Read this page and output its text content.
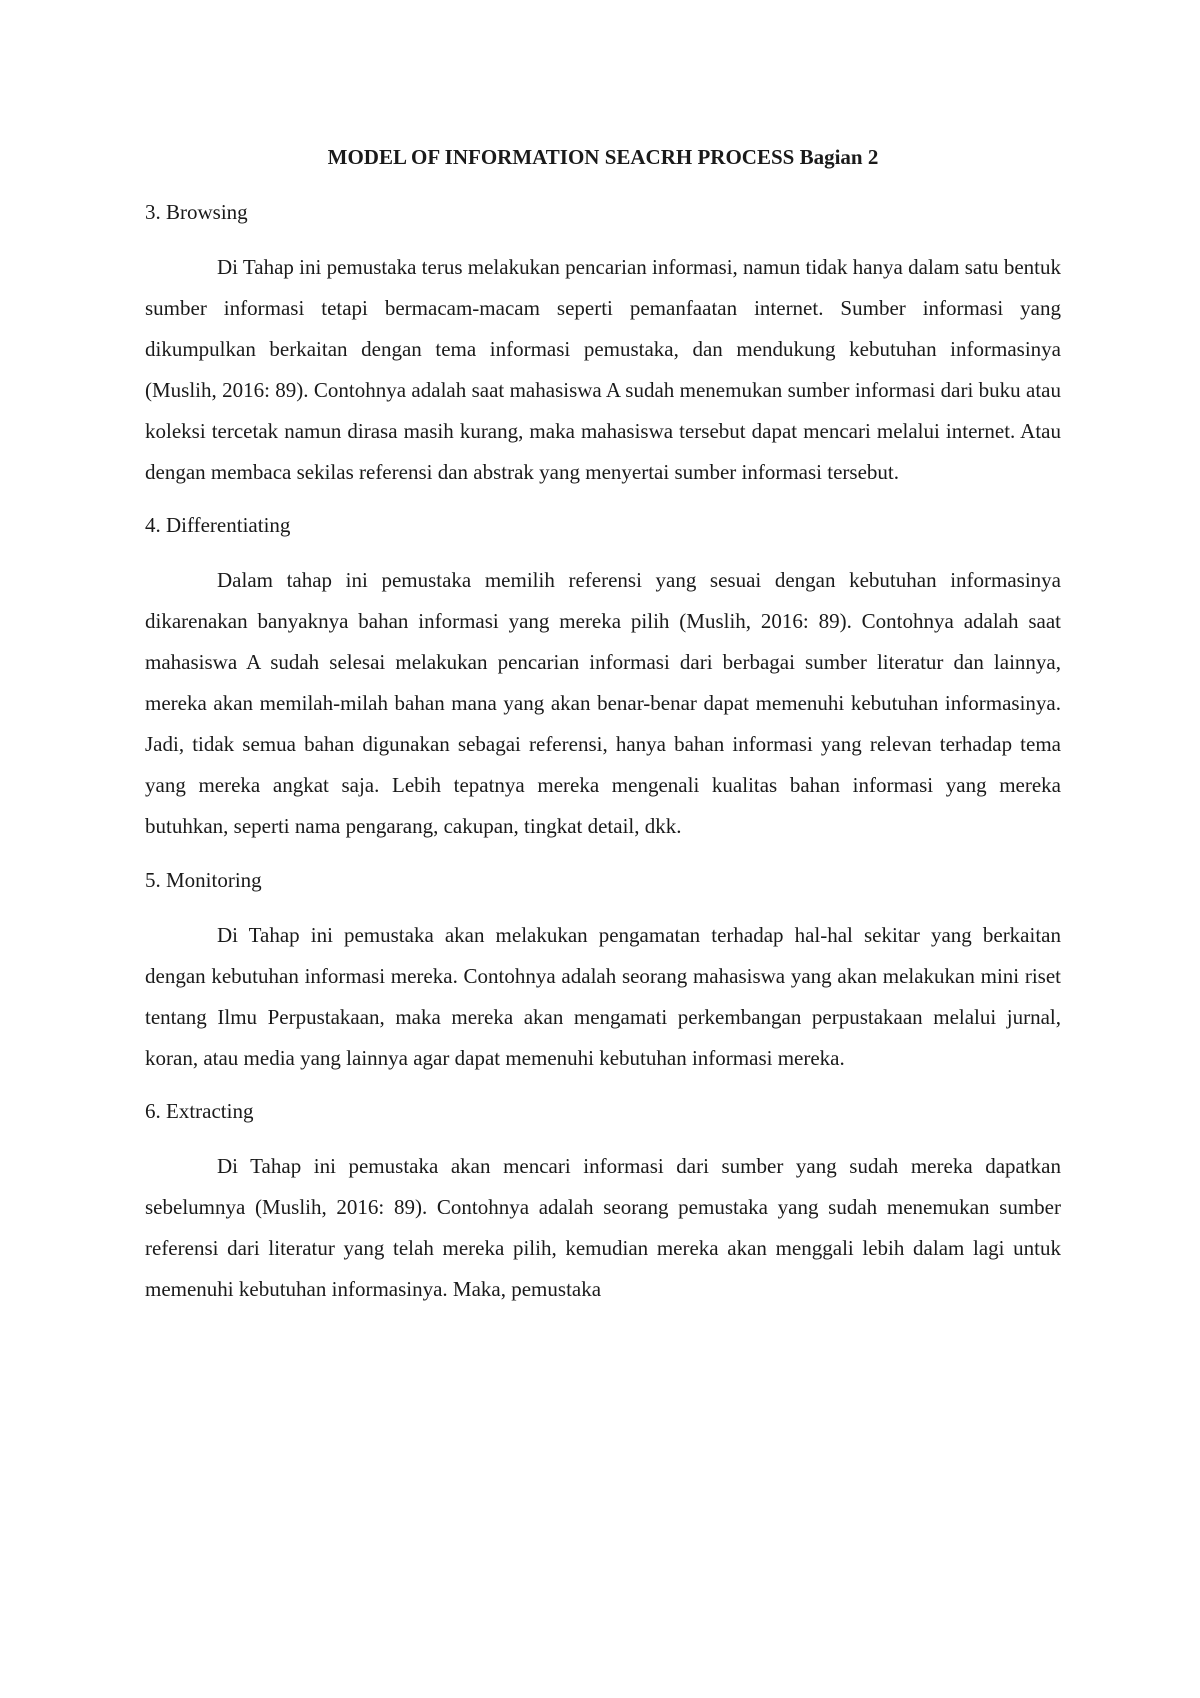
MODEL OF INFORMATION SEACRH PROCESS Bagian 2
3. Browsing

Di Tahap ini pemustaka terus melakukan pencarian informasi, namun tidak hanya dalam satu bentuk sumber informasi tetapi bermacam-macam seperti pemanfaatan internet. Sumber informasi yang dikumpulkan berkaitan dengan tema informasi pemustaka, dan mendukung kebutuhan informasinya (Muslih, 2016: 89). Contohnya adalah saat mahasiswa A sudah menemukan sumber informasi dari buku atau koleksi tercetak namun dirasa masih kurang, maka mahasiswa tersebut dapat mencari melalui internet. Atau dengan membaca sekilas referensi dan abstrak yang menyertai sumber informasi tersebut.

4. Differentiating

Dalam tahap ini pemustaka memilih referensi yang sesuai dengan kebutuhan informasinya dikarenakan banyaknya bahan informasi yang mereka pilih (Muslih, 2016: 89). Contohnya adalah saat mahasiswa A sudah selesai melakukan pencarian informasi dari berbagai sumber literatur dan lainnya, mereka akan memilah-milah bahan mana yang akan benar-benar dapat memenuhi kebutuhan informasinya. Jadi, tidak semua bahan digunakan sebagai referensi, hanya bahan informasi yang relevan terhadap tema yang mereka angkat saja. Lebih tepatnya mereka mengenali kualitas bahan informasi yang mereka butuhkan, seperti nama pengarang, cakupan, tingkat detail, dkk.

5. Monitoring

Di Tahap ini pemustaka akan melakukan pengamatan terhadap hal-hal sekitar yang berkaitan dengan kebutuhan informasi mereka. Contohnya adalah seorang mahasiswa yang akan melakukan mini riset tentang Ilmu Perpustakaan, maka mereka akan mengamati perkembangan perpustakaan melalui jurnal, koran, atau media yang lainnya agar dapat memenuhi kebutuhan informasi mereka.

6. Extracting

Di Tahap ini pemustaka akan mencari informasi dari sumber yang sudah mereka dapatkan sebelumnya (Muslih, 2016: 89). Contohnya adalah seorang pemustaka yang sudah menemukan sumber referensi dari literatur yang telah mereka pilih, kemudian mereka akan menggali lebih dalam lagi untuk memenuhi kebutuhan informasinya. Maka, pemustaka
